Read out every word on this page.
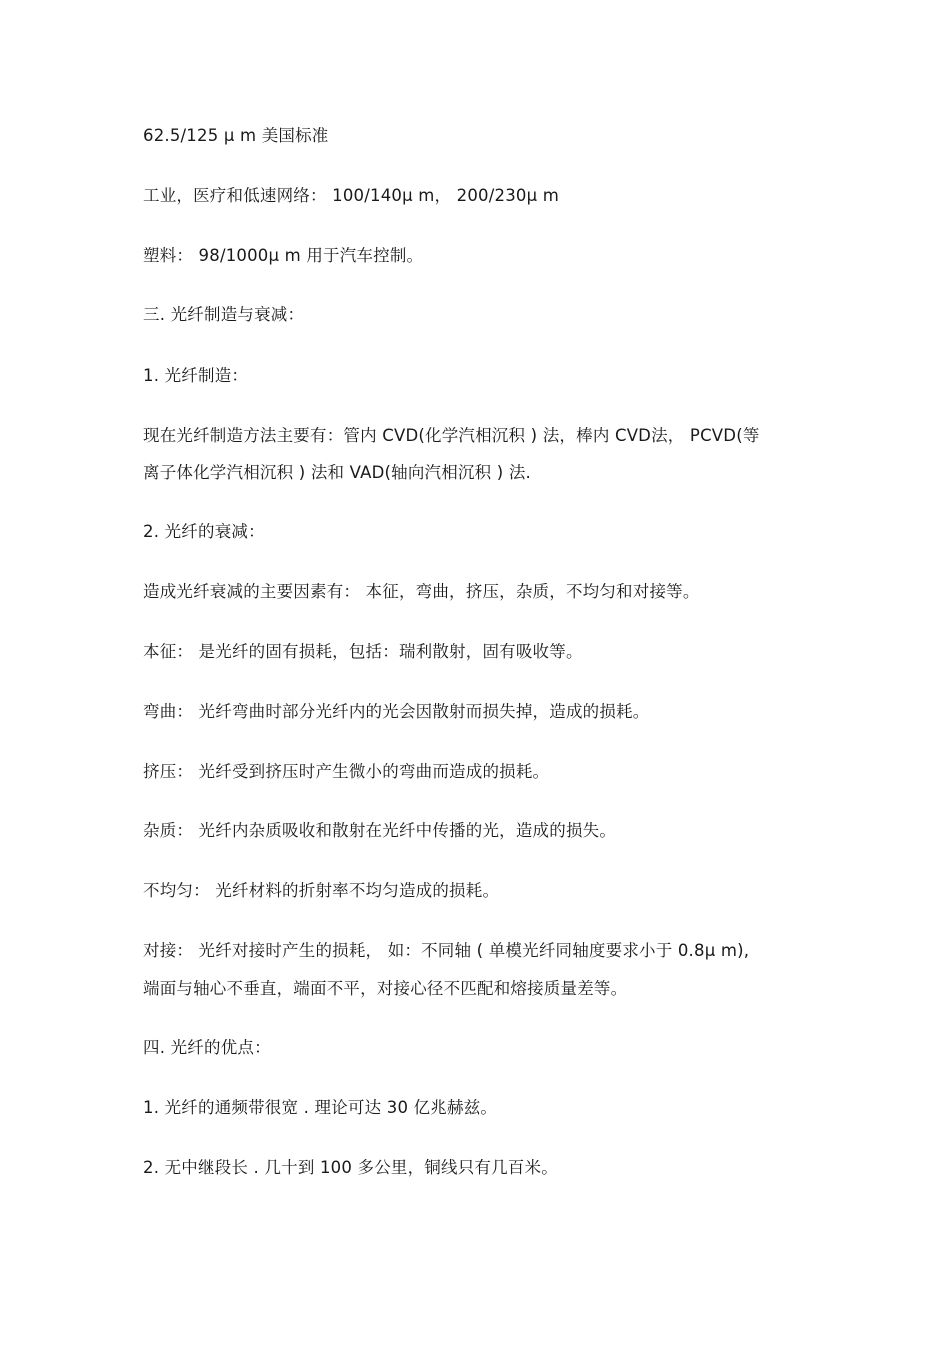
62.5/125 μ m 美国标准
工业，医疗和低速网络： 100/140μ m， 200/230μ m
塑料： 98/1000μ m 用于汽车控制。
三. 光纤制造与衰减：
1. 光纤制造：
现在光纤制造方法主要有：管内 CVD(化学汽相沉积 ) 法，棒内 CVD法， PCVD(等
离子体化学汽相沉积 ) 法和 VAD(轴向汽相沉积 ) 法.
2. 光纤的衰减：
造成光纤衰减的主要因素有： 本征，弯曲，挤压，杂质，不均匀和对接等。
本征： 是光纤的固有损耗，包括：瑞利散射，固有吸收等。
弯曲： 光纤弯曲时部分光纤内的光会因散射而损失掉，造成的损耗。
挤压： 光纤受到挤压时产生微小的弯曲而造成的损耗。
杂质： 光纤内杂质吸收和散射在光纤中传播的光，造成的损失。
不均匀： 光纤材料的折射率不均匀造成的损耗。
对接： 光纤对接时产生的损耗， 如：不同轴 ( 单模光纤同轴度要求小于 0.8μ m),
端面与轴心不垂直，端面不平，对接心径不匹配和熔接质量差等。
四. 光纤的优点：
1. 光纤的通频带很宽 . 理论可达 30 亿兆赫兹。
2. 无中继段长 . 几十到 100 多公里，铜线只有几百米。
